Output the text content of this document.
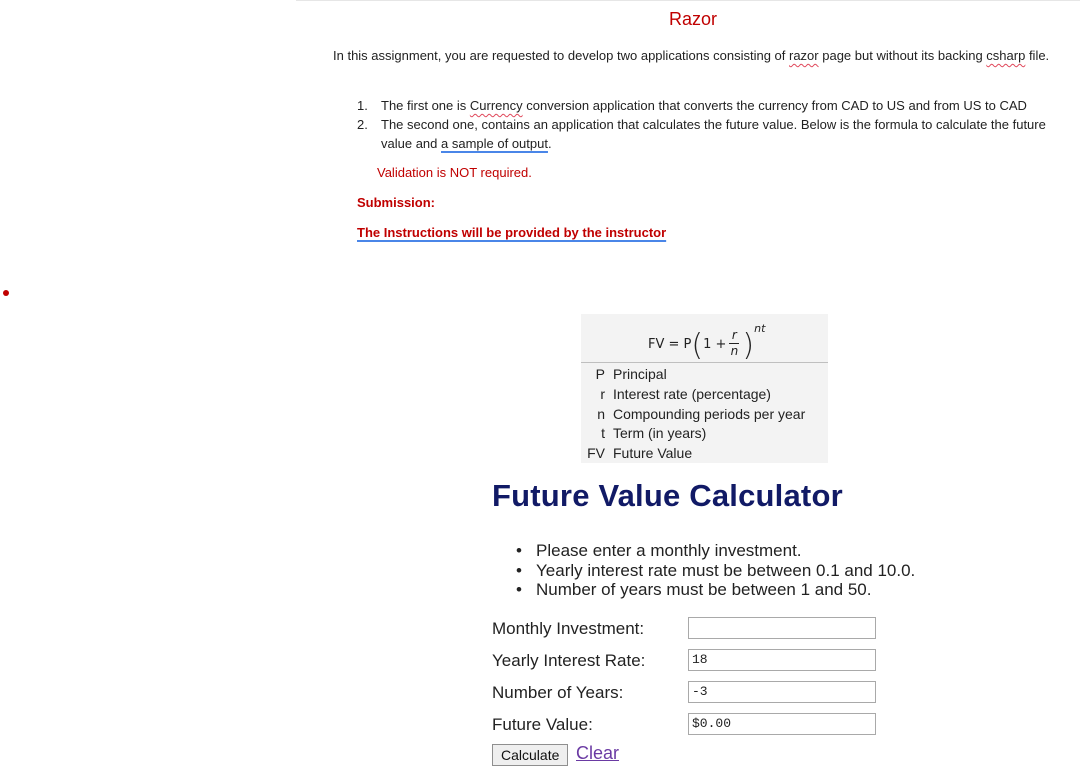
Razor
In this assignment, you are requested to develop two applications consisting of razor page but without its backing csharp file.
1. The first one is Currency conversion application that converts the currency from CAD to US and from US to CAD
2. The second one, contains an application that calculates the future value. Below is the formula to calculate the future value and a sample of output.
Validation is NOT required.
Submission:
The Instructions will be provided by the instructor
FV = $P(1 + \frac{r}{n} )^{nt}$
P Principal
r Interest rate (percentage)
n Compounding periods per year
t Term (in years)
FV Future Value
Future Value Calculator
• Please enter a monthly investment.
• Yearly interest rate must be between 0.1 and 10.0.
• Number of years must be between 1 and 50.
Monthly Investment:
Yearly Interest Rate:	18
Number of Years:	-3
Future Value:	$0.00
Calculate Clear
